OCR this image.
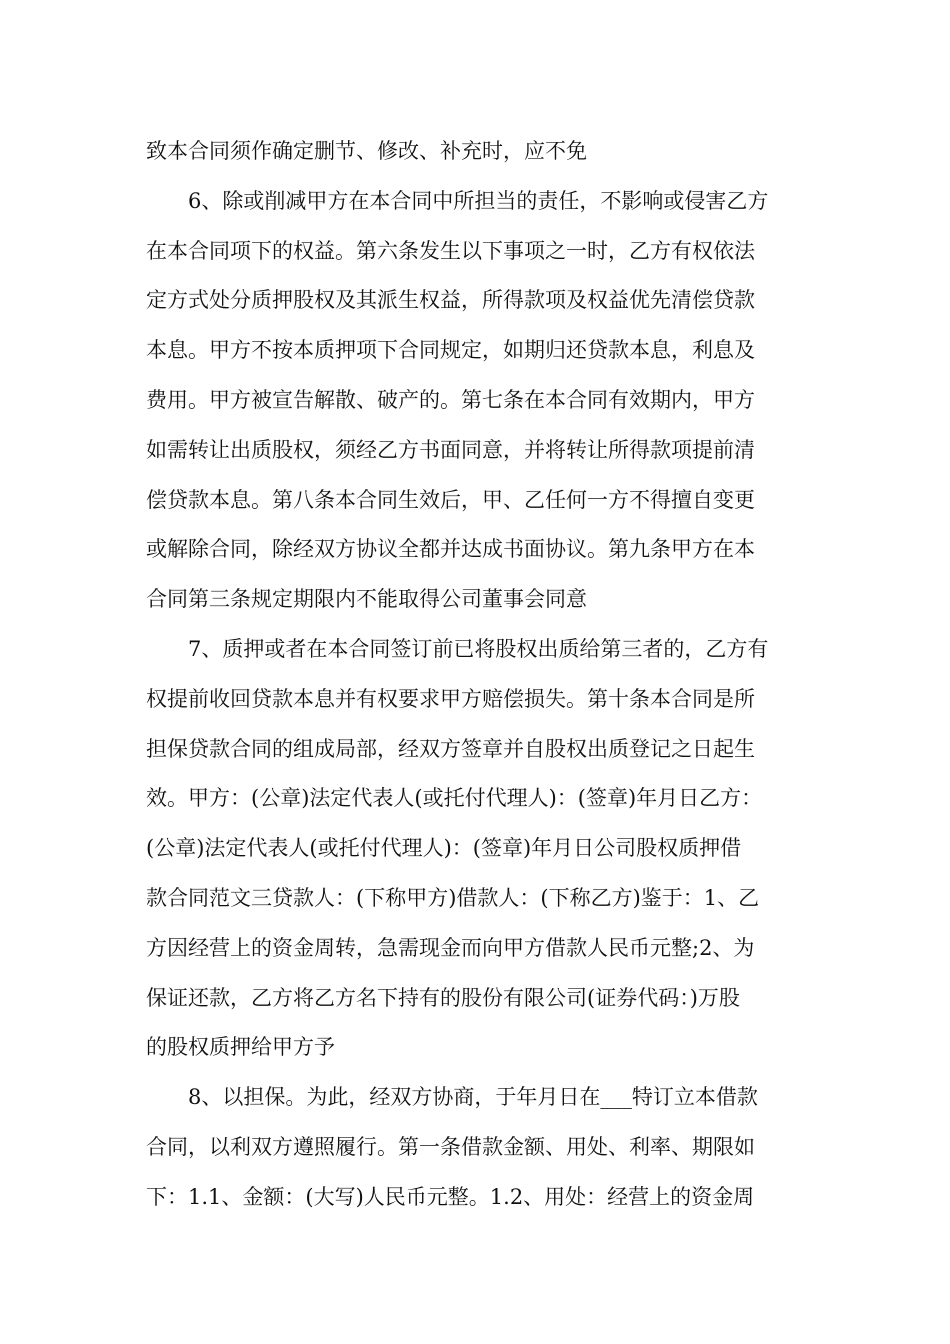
致本合同须作确定删节、修改、补充时，应不免
6、除或削减甲方在本合同中所担当的责任，不影响或侵害乙方
在本合同项下的权益。第六条发生以下事项之一时，乙方有权依法
定方式处分质押股权及其派生权益，所得款项及权益优先清偿贷款
本息。甲方不按本质押项下合同规定，如期归还贷款本息，利息及
费用。甲方被宣告解散、破产的。第七条在本合同有效期内，甲方
如需转让出质股权，须经乙方书面同意，并将转让所得款项提前清
偿贷款本息。第八条本合同生效后，甲、乙任何一方不得擅自变更
或解除合同，除经双方协议全都并达成书面协议。第九条甲方在本
合同第三条规定期限内不能取得公司董事会同意
7、质押或者在本合同签订前已将股权出质给第三者的，乙方有
权提前收回贷款本息并有权要求甲方赔偿损失。第十条本合同是所
担保贷款合同的组成局部，经双方签章并自股权出质登记之日起生
效。甲方：(公章)法定代表人(或托付代理人)：(签章)年月日乙方：
(公章)法定代表人(或托付代理人)：(签章)年月日公司股权质押借
款合同范文三贷款人：(下称甲方)借款人：(下称乙方)鉴于：1、乙
方因经营上的资金周转，急需现金而向甲方借款人民币元整;2、为
保证还款，乙方将乙方名下持有的股份有限公司(证券代码：)万股
的股权质押给甲方予
8、以担保。为此，经双方协商，于年月日在___特订立本借款
合同，以利双方遵照履行。第一条借款金额、用处、利率、期限如
下：1.1、金额：(大写)人民币元整。1.2、用处：经营上的资金周
